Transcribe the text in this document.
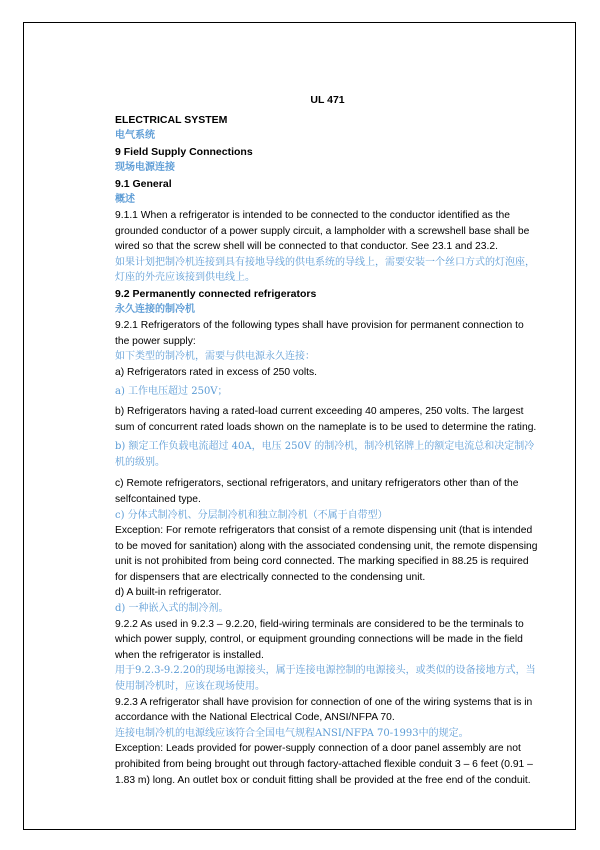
UL 471
ELECTRICAL SYSTEM
电气系统
9 Field Supply Connections
现场电源连接
9.1 General
概述

9.1.1 When a refrigerator is intended to be connected to the conductor identified as the grounded conductor of a power supply circuit, a lampholder with a screwshell base shall be wired so that the screw shell will be connected to that conductor. See 23.1 and 23.2.

如果计划把制冷机连接到具有接地导线的供电系统的导线上，需要安装一个丝口方式的灯泡座，灯座的外壳应该接到供电线上。

9.2 Permanently connected refrigerators
永久连接的制冷机

9.2.1 Refrigerators of the following types shall have provision for permanent connection to the power supply:

如下类型的制冷机，需要与供电源永久连接：

a) Refrigerators rated in excess of 250 volts.

a) 工作电压超过 250V；

b) Refrigerators having a rated-load current exceeding 40 amperes, 250 volts. The largest sum of concurrent rated loads shown on the nameplate is to be used to determine the rating.

b) 额定工作负载电流超过 40A，电压 250V 的制冷机，制冷机铭牌上的额定电流总和决定制冷机的级别。

c) Remote refrigerators, sectional refrigerators, and unitary refrigerators other than of the selfcontained type.

c) 分体式制冷机、分层制冷机和独立制冷机（不属于自带型）

Exception: For remote refrigerators that consist of a remote dispensing unit (that is intended to be moved for sanitation) along with the associated condensing unit, the remote dispensing unit is not prohibited from being cord connected. The marking specified in 88.25 is required for dispensers that are electrically connected to the condensing unit.

d) A built-in refrigerator.

d) 一种嵌入式的制冷剂。

9.2.2 As used in 9.2.3 – 9.2.20, field-wiring terminals are considered to be the terminals to which power supply, control, or equipment grounding connections will be made in the field when the refrigerator is installed.

用于9.2.3-9.2.20的现场电源接头，属于连接电源控制的电源接头，或类似的设备接地方式，当使用制冷机时，应该在现场使用。

9.2.3 A refrigerator shall have provision for connection of one of the wiring systems that is in accordance with the National Electrical Code, ANSI/NFPA 70.

连接电制冷机的电源线应该符合全国电气规程ANSI/NFPA 70-1993中的规定。

Exception: Leads provided for power-supply connection of a door panel assembly are not prohibited from being brought out through factory-attached flexible conduit 3 – 6 feet (0.91 – 1.83 m) long. An outlet box or conduit fitting shall be provided at the free end of the conduit.
